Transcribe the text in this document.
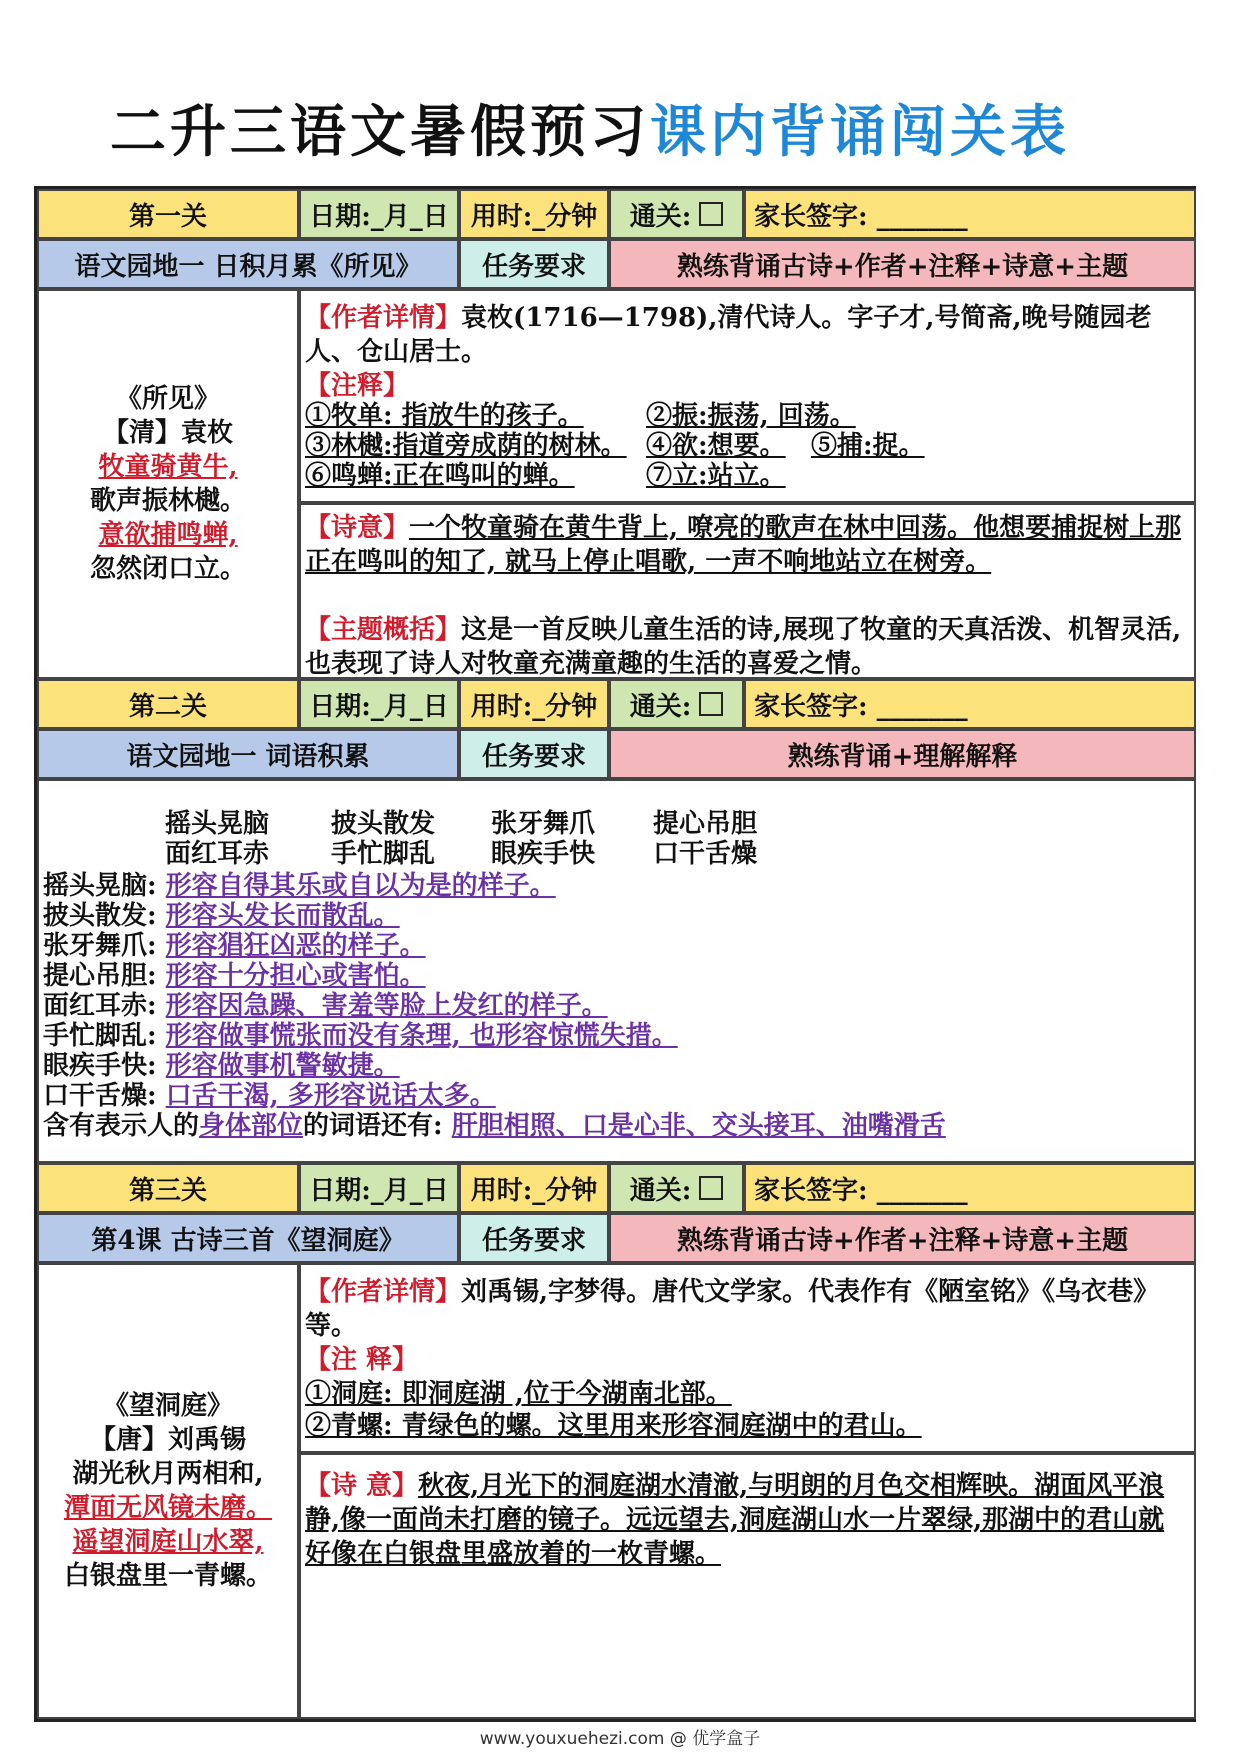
二升三语文暑假预习课内背诵闯关表
第一关	日期:_月_日 用时:_分钟	通关:	家长签字: _______
语文园地一 日积月累《所见》	任务要求	熟练背诵古诗+作者+注释+诗意+主题
《所见》
【清】袁枚
牧童骑黄牛,
歌声振林樾。
意欲捕鸣蝉,
忽然闭口立。
【作者详情】袁枚(1716—1798),清代诗人。字子才,号简斋,晚号随园老人、仓山居士。
【注释】
①牧单: 指放牛的孩子。 ②振:振荡, 回荡。
③林樾:指道旁成荫的树林。 ④欲:想要。 ⑤捕:捉。
⑥鸣蝉:正在鸣叫的蝉。	⑦立:站立。
【诗意】一个牧童骑在黄牛背上, 嘹亮的歌声在林中回荡。他想要捕捉树上那正在鸣叫的知了, 就马上停止唱歌, 一声不响地站立在树旁。
【主题概括】这是一首反映儿童生活的诗,展现了牧童的天真活泼、机智灵活,也表现了诗人对牧童充满童趣的生活的喜爱之情。
第二关	日期:_月_日 用时:_分钟	通关:	家长签字: _______
语文园地一 词语积累	任务要求	熟练背诵+理解解释
摇头晃脑 披头散发 张牙舞爪 提心吊胆
面红耳赤 手忙脚乱 眼疾手快 口干舌燥
摇头晃脑: 形容自得其乐或自以为是的样子。
披头散发: 形容头发长而散乱。
张牙舞爪: 形容猖狂凶恶的样子。
提心吊胆: 形容十分担心或害怕。
面红耳赤: 形容因急躁、害羞等脸上发红的样子。
手忙脚乱: 形容做事慌张而没有条理, 也形容惊慌失措。
眼疾手快: 形容做事机警敏捷。
口干舌燥: 口舌干渴, 多形容说话太多。
含有表示人的身体部位的词语还有: 肝胆相照、口是心非、交头接耳、油嘴滑舌
第三关	日期:_月_日 用时:_分钟	通关:	家长签字: _______
第4课 古诗三首《望洞庭》	任务要求	熟练背诵古诗+作者+注释+诗意+主题
《望洞庭》
【唐】刘禹锡
湖光秋月两相和,
潭面无风镜未磨。
遥望洞庭山水翠,
白银盘里一青螺。
【作者详情】刘禹锡,字梦得。唐代文学家。代表作有《陋室铭》《乌衣巷》等。
【注 释】
①洞庭: 即洞庭湖 ,位于今湖南北部。
②青螺: 青绿色的螺。这里用来形容洞庭湖中的君山。
【诗 意】秋夜,月光下的洞庭湖水清澈,与明朗的月色交相辉映。湖面风平浪静,像一面尚未打磨的镜子。远远望去,洞庭湖山水一片翠绿,那湖中的君山就好像在白银盘里盛放着的一枚青螺。
www.youxuehezi.com @ 优学盒子
